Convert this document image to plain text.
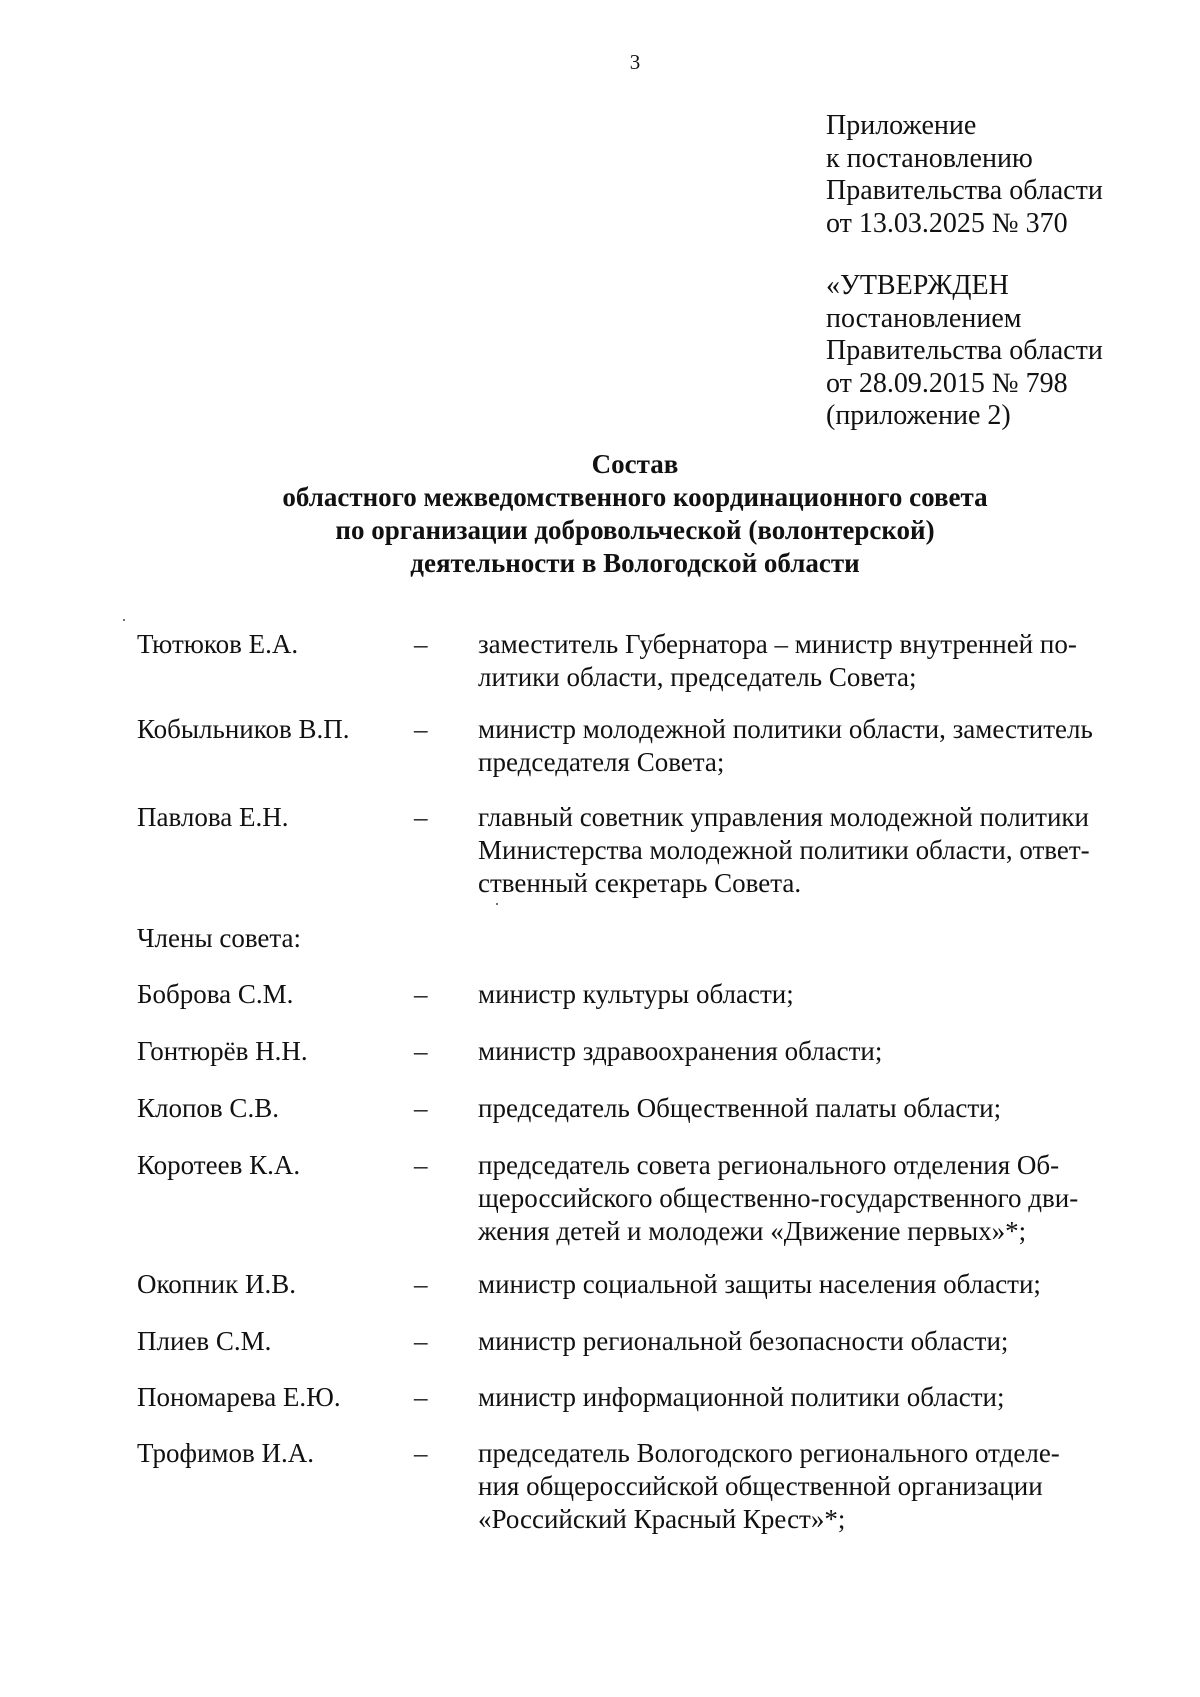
3
Приложение
к постановлению
Правительства области
от 13.03.2025 № 370
«УТВЕРЖДЕН
постановлением
Правительства области
от 28.09.2015 № 798
(приложение 2)
Состав
областного межведомственного координационного совета
по организации добровольческой (волонтерской)
деятельности в Вологодской области
Тютюков Е.А.	– заместитель Губернатора – министр внутренней по-
литики области, председатель Совета;
Кобыльников В.П. – министр молодежной политики области, заместитель
председателя Совета;
Павлова Е.Н.	– главный советник управления молодежной политики
Министерства молодежной политики области, ответ-
ственный секретарь Совета.
Члены совета:
Боброва С.М.	– министр культуры области;
Гонтюрёв Н.Н.	– министр здравоохранения области;
Клопов С.В.	– председатель Общественной палаты области;
Коротеев К.А.	– председатель совета регионального отделения Об-
щероссийского общественно-государственного дви-
жения детей и молодежи «Движение первых»*;
Окопник И.В.	– министр социальной защиты населения области;
Плиев С.М.	– министр региональной безопасности области;
Пономарева Е.Ю.	– министр информационной политики области;
Трофимов И.А.	– председатель Вологодского регионального отделе-
ния общероссийской общественной организации
«Российский Красный Крест»*;
